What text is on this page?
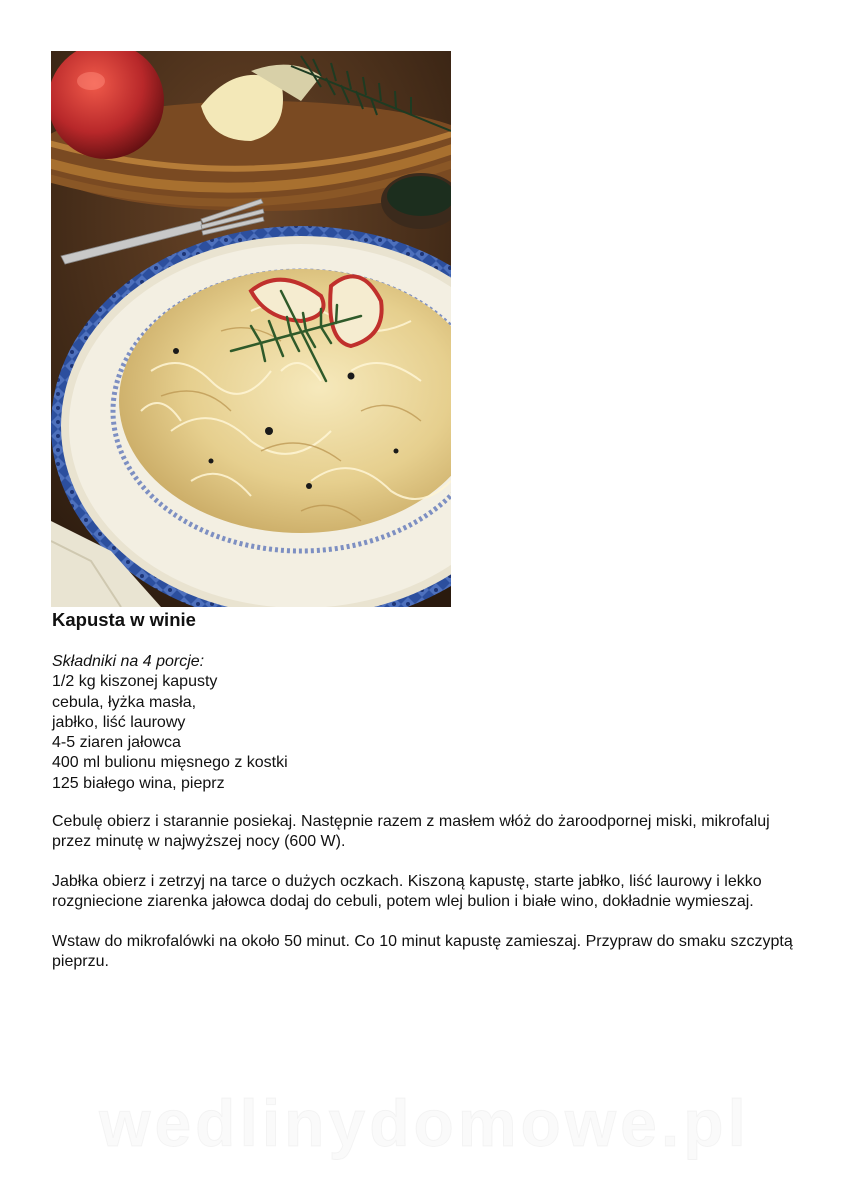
Kapusta w winie
Składniki na 4 porcje:
1/2 kg kiszonej kapusty
cebula, łyżka masła,
jabłko, liść laurowy
4-5 ziaren jałowca
400 ml bulionu mięsnego z kostki
125 białego wina, pieprz

Cebulę obierz i starannie posiekaj. Następnie razem z masłem włóż do żaroodpornej miski, mikrofaluj przez minutę w najwyższej nocy (600 W).

Jabłka obierz i zetrzyj na tarce o dużych oczkach. Kiszoną kapustę, starte jabłko, liść laurowy i lekko rozgniecione ziarenka jałowca dodaj do cebuli, potem wlej bulion i białe wino, dokładnie wymieszaj.

Wstaw do mikrofalówki na około 50 minut. Co 10 minut kapustę zamieszaj. Przypraw do smaku szczyptą pieprzu.

wedlinydomowe.pl
